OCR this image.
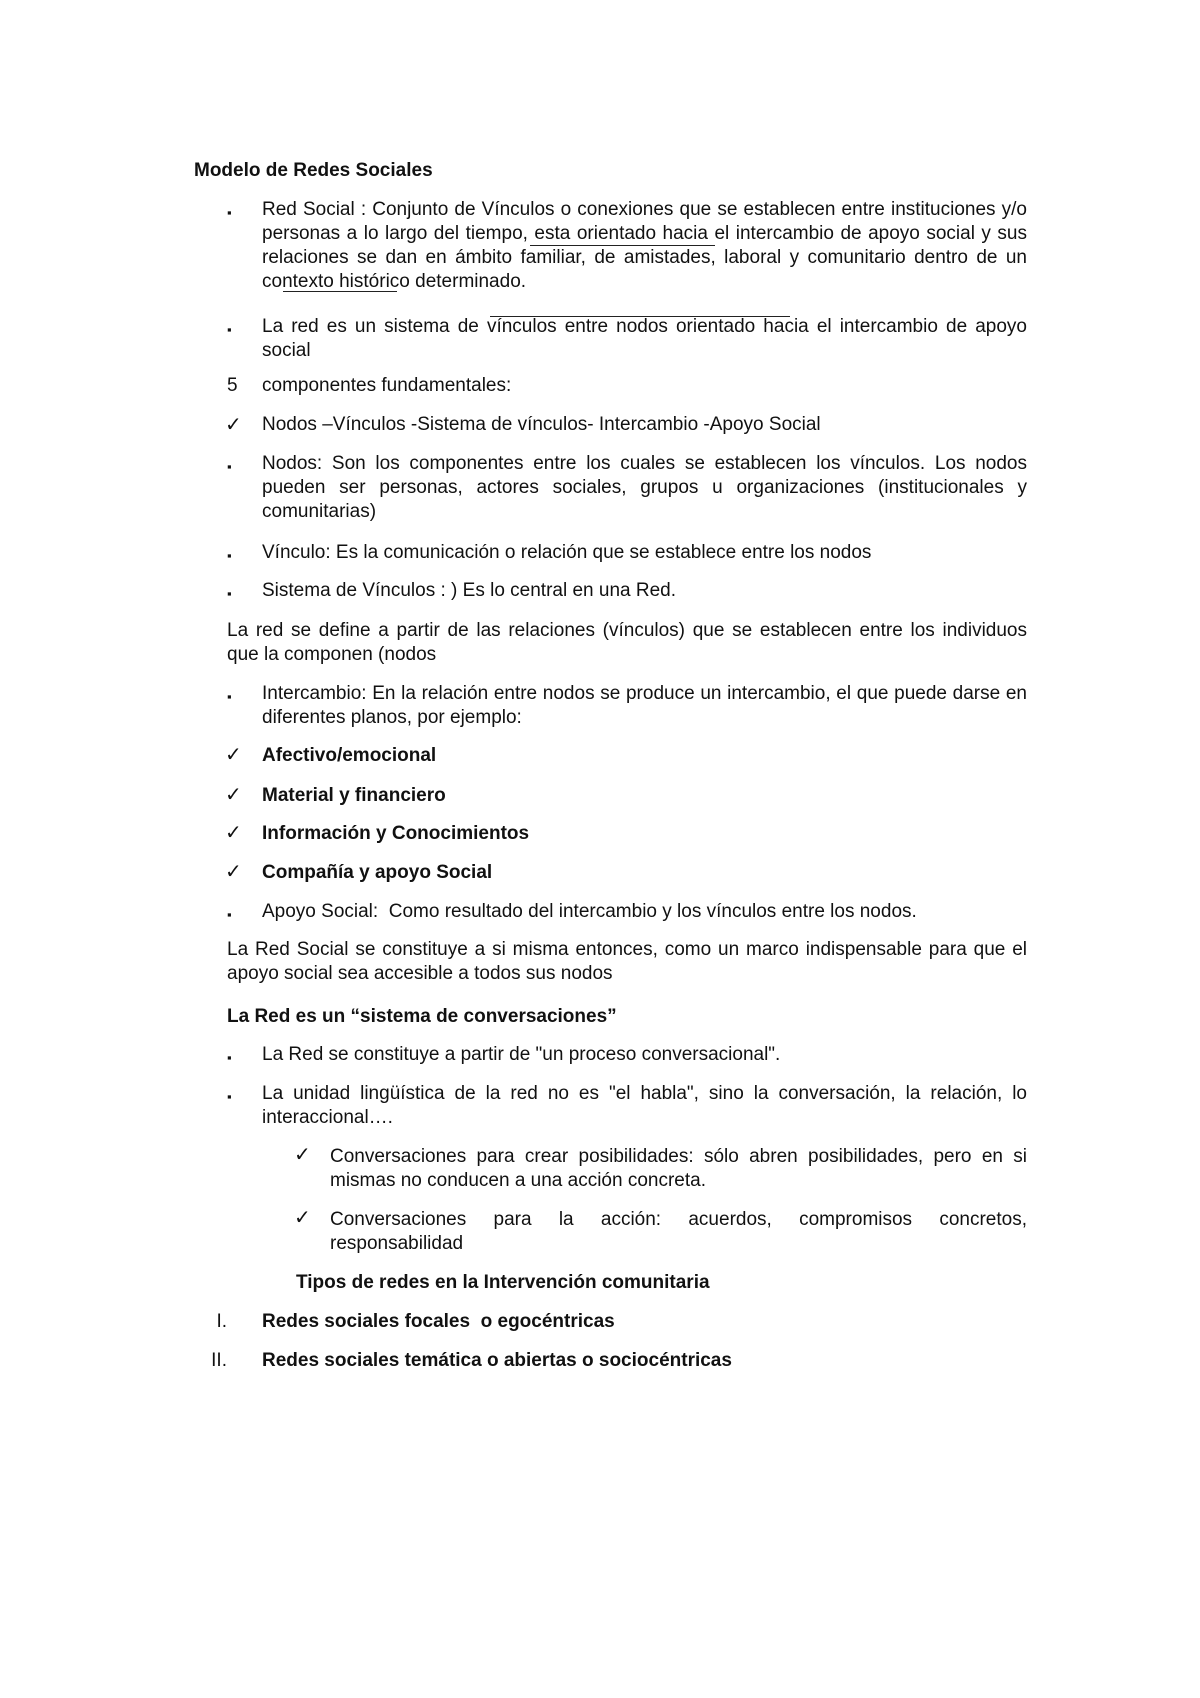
Modelo de Redes Sociales

▪ Red Social : Conjunto de Vínculos o conexiones que se establecen entre instituciones y/o personas a lo largo del tiempo, esta orientado hacia el intercambio de apoyo social y sus relaciones se dan en ámbito familiar, de amistades, laboral y comunitario dentro de un contexto histórico determinado.

▪ La red es un sistema de vínculos entre nodos orientado hacia el intercambio de apoyo social

5 componentes fundamentales:

✓ Nodos –Vínculos -Sistema de vínculos- Intercambio -Apoyo Social

▪ Nodos: Son los componentes entre los cuales se establecen los vínculos. Los nodos pueden ser personas, actores sociales, grupos u organizaciones (institucionales y comunitarias)

▪ Vínculo: Es la comunicación o relación que se establece entre los nodos

▪ Sistema de Vínculos : ) Es lo central en una Red.

La red se define a partir de las relaciones (vínculos) que se establecen entre los individuos que la componen (nodos

▪ Intercambio: En la relación entre nodos se produce un intercambio, el que puede darse en diferentes planos, por ejemplo:

✓ Afectivo/emocional

✓ Material y financiero

✓ Información y Conocimientos

✓ Compañía y apoyo Social

▪ Apoyo Social:  Como resultado del intercambio y los vínculos entre los nodos.

La Red Social se constituye a si misma entonces, como un marco indispensable para que el apoyo social sea accesible a todos sus nodos

La Red es un “sistema de conversaciones”

▪ La Red se constituye a partir de "un proceso conversacional".

▪ La unidad lingüística de la red no es "el habla", sino la conversación, la relación, lo interaccional….

✓ Conversaciones para crear posibilidades: sólo abren posibilidades, pero en si mismas no conducen a una acción concreta.

✓ Conversaciones para la acción: acuerdos, compromisos concretos, responsabilidad

Tipos de redes en la Intervención comunitaria

I. Redes sociales focales  o egocéntricas

II. Redes sociales temática o abiertas o sociocéntricas
